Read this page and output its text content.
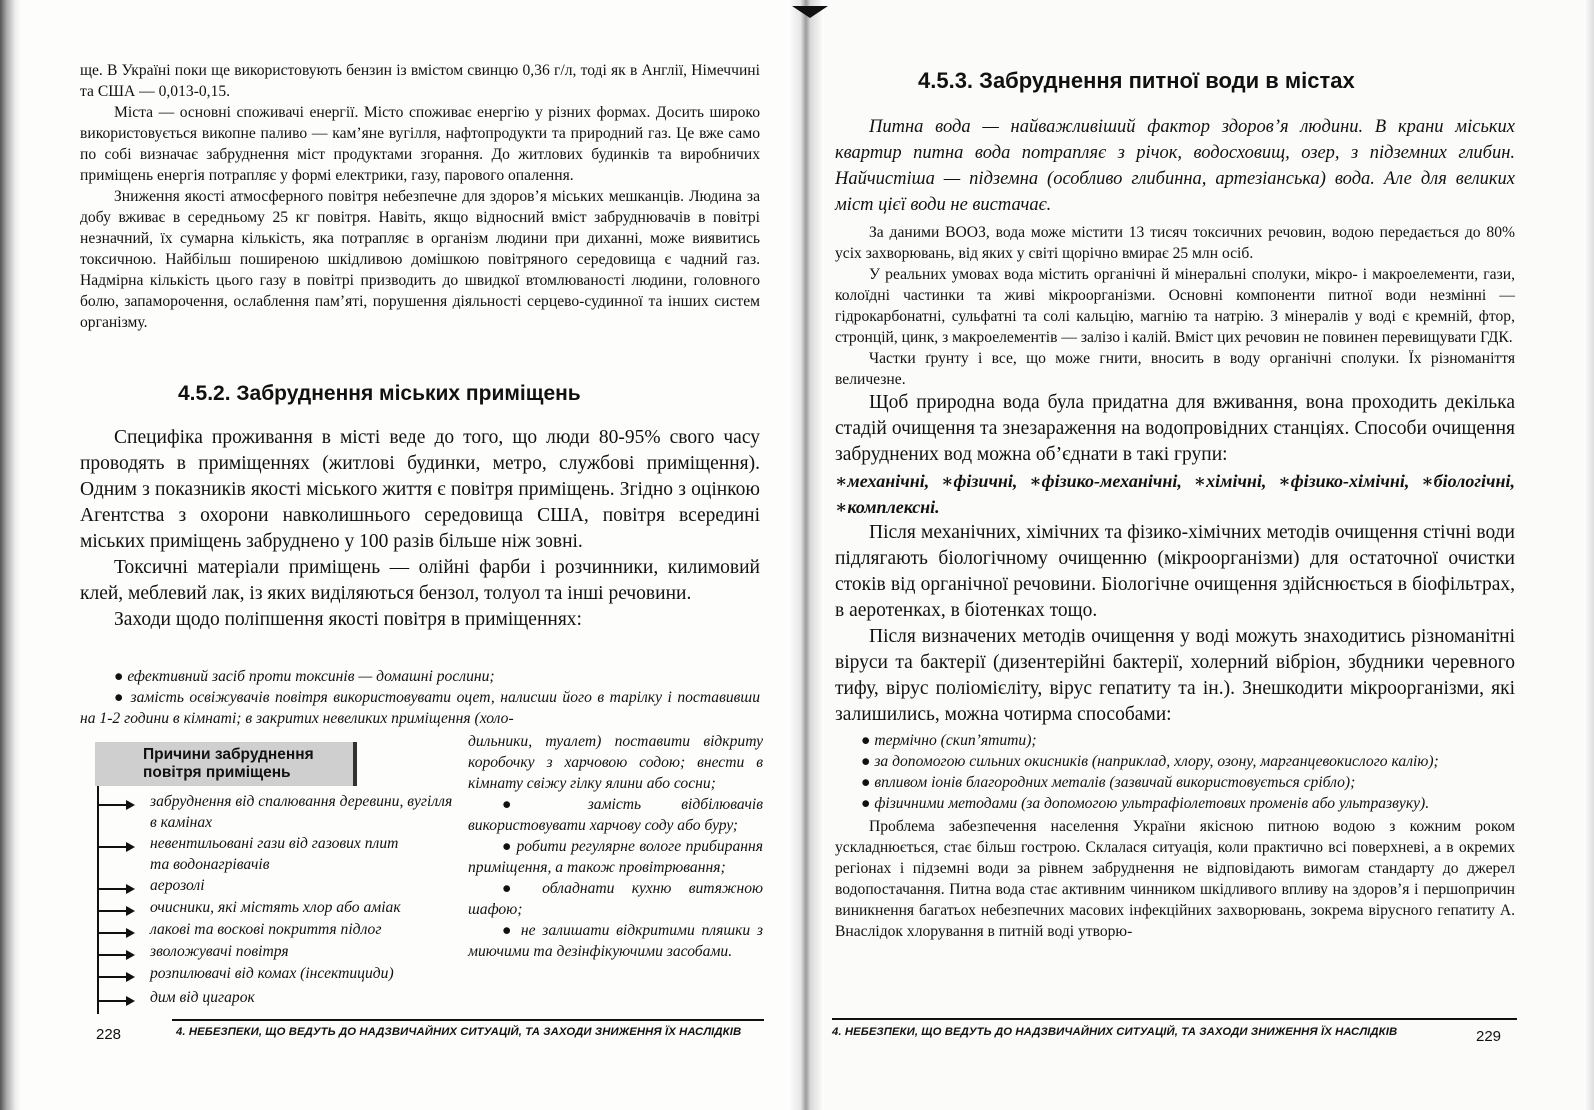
ще. В Україні поки ще використовують бензин із вмістом свинцю 0,36 г/л, тоді як в Англії, Німеччині та США — 0,013-0,15.

Міста — основні споживачі енергії. Місто споживає енергію у різних формах. Досить широко використовується викопне паливо — кам’яне вугілля, нафтопродукти та природний газ. Це вже само по собі визначає забруднення міст продуктами згорання. До житлових будинків та виробничих приміщень енергія потрапляє у формі електрики, газу, парового опалення.

Зниження якості атмосферного повітря небезпечне для здоров’я міських мешканців. Людина за добу вживає в середньому 25 кг повітря. Навіть, якщо відносний вміст забруднювачів в повітрі незначний, їх сумарна кількість, яка потрапляє в організм людини при диханні, може виявитись токсичною. Найбільш поширеною шкідливою домішкою повітряного середовища є чадний газ. Надмірна кількість цього газу в повітрі призводить до швидкої втомлюваності людини, головного болю, запаморочення, ослаблення пам’яті, порушення діяльності серцево-судинної та інших систем організму.

4.5.2. Забруднення міських приміщень

Специфіка проживання в місті веде до того, що люди 80-95% свого часу проводять в приміщеннях (житлові будинки, метро, службові приміщення). Одним з показників якості міського життя є повітря приміщень. Згідно з оцінкою Агентства з охорони навколишнього середовища США, повітря всередині міських приміщень забруднено у 100 разів більше ніж зовні.

Токсичні матеріали приміщень — олійні фарби і розчинники, килимовий клей, меблевий лак, із яких виділяються бензол, толуол та інші речовини.

Заходи щодо поліпшення якості повітря в приміщеннях:

● ефективний засіб проти токсинів — домашні рослини;

● замість освіжувачів повітря використовувати оцет, налисши його в тарілку і поставивши на 1-2 години в кімнаті; в закритих невеликих приміщення (холо-

дильники, туалет) поставити відкриту коробочку з харчовою содою; внести в кімнату свіжу гілку ялини або сосни;

● замість відбілювачів використовувати харчову соду або буру;

● робити регулярне вологе прибирання приміщення, а також провітрювання;

● обладнати кухню витяжною шафою;

● не залишати відкритими пляшки з миючими та дезінфікуючими засобами.

Причини забруднення
повітря приміщень
забруднення від спалювання деревини, вугілля в камінах
невентильовані гази від газових плит та водонагрівачів
аерозолі
очисники, які містять хлор або аміак
лакові та воскові покриття підлог
зволожувачі повітря
розпилювачі від комах (інсектициди)
дим від цигарок
228	4. НЕБЕЗПЕКИ, ЩО ВЕДУТЬ ДО НАДЗВИЧАЙНИХ СИТУАЦІЙ, ТА ЗАХОДИ ЗНИЖЕННЯ ЇХ НАСЛІДКІВ
4.5.3. Забруднення питної води в містах

Питна вода — найважливіший фактор здоров’я людини. В крани міських квартир питна вода потрапляє з річок, водосховищ, озер, з підземних глибин. Найчистіша — підземна (особливо глибинна, артезіанська) вода. Але для великих міст цієї води не вистачає.

За даними ВООЗ, вода може містити 13 тисяч токсичних речовин, водою передається до 80% усіх захворювань, від яких у світі щорічно вмирає 25 млн осіб.

У реальних умовах вода містить органічні й мінеральні сполуки, мікро- і макроелементи, гази, колоїдні частинки та живі мікроорганізми. Основні компоненти питної води незмінні — гідрокарбонатні, сульфатні та солі кальцію, магнію та натрію. З мінералів у воді є кремній, фтор, стронцій, цинк, з макроелементів — залізо і калій. Вміст цих речовин не повинен перевищувати ГДК.

Частки ґрунту і все, що може гнити, вносить в воду органічні сполуки. Їх різноманіття величезне.

Щоб природна вода була придатна для вживання, вона проходить декілька стадій очищення та знезараження на водопровідних станціях. Способи очищення забруднених вод можна об’єднати в такі групи:

∗механічні, ∗фізичні, ∗фізико-механічні, ∗хімічні, ∗фізико-хімічні, ∗біологічні, ∗комплексні.

Після механічних, хімічних та фізико-хімічних методів очищення стічні води підлягають біологічному очищенню (мікроорганізми) для остаточної очистки стоків від органічної речовини. Біологічне очищення здійснюється в біофільтрах, в аеротенках, в біотенках тощо.

Після визначених методів очищення у воді можуть знаходитись різноманітні віруси та бактерії (дизентерійні бактерії, холерний вібріон, збудники черевного тифу, вірус поліомієліту, вірус гепатиту та ін.). Знешкодити мікроорганізми, які залишились, можна чотирма способами:

● термічно (скип’ятити);
● за допомогою сильних окисників (наприклад, хлору, озону, марганцевокислого калію);
● впливом іонів благородних металів (зазвичай використовується срібло);
● фізичними методами (за допомогою ультрафіолетових променів або ультразвуку).

Проблема забезпечення населення України якісною питною водою з кожним роком ускладнюється, стає більш гострою. Склалася ситуація, коли практично всі поверхневі, а в окремих регіонах і підземні води за рівнем забруднення не відповідають вимогам стандарту до джерел водопостачання. Питна вода стає активним чинником шкідливого впливу на здоров’я і першопричин виникнення багатьох небезпечних масових інфекційних захворювань, зокрема вірусного гепатиту А. Внаслідок хлорування в питній воді утворю-

4. НЕБЕЗПЕКИ, ЩО ВЕДУТЬ ДО НАДЗВИЧАЙНИХ СИТУАЦІЙ, ТА ЗАХОДИ ЗНИЖЕННЯ ЇХ НАСЛІДКІВ	229
